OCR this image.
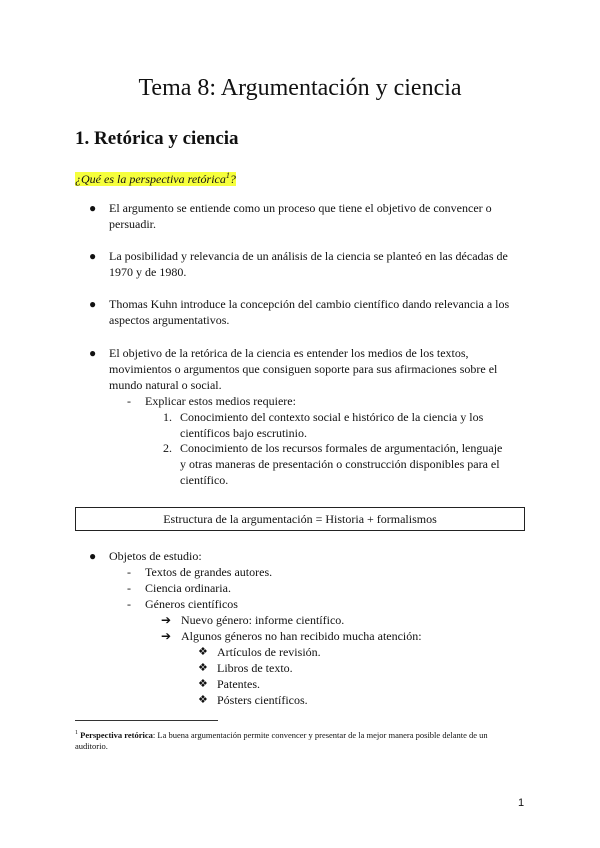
Tema 8: Argumentación y ciencia
1. Retórica y ciencia
¿Qué es la perspectiva retórica$^1$?
● El argumento se entiende como un proceso que tiene el objetivo de convencer o persuadir.
● La posibilidad y relevancia de un análisis de la ciencia se planteó en las décadas de 1970 y de 1980.
● Thomas Kuhn introduce la concepción del cambio científico dando relevancia a los aspectos argumentativos.
● El objetivo de la retórica de la ciencia es entender los medios de los textos, movimientos o argumentos que consiguen soporte para sus afirmaciones sobre el mundo natural o social.
-	Explicar estos medios requiere:
1. Conocimiento del contexto social e histórico de la ciencia y los científicos bajo escrutinio.
2. Conocimiento de los recursos formales de argumentación, lenguaje y otras maneras de presentación o construcción disponibles para el científico.
Estructura de la argumentación = Historia + formalismos
● Objetos de estudio:
-	Textos de grandes autores.
-	Ciencia ordinaria.
-	Géneros científicos
➔ Nuevo género: informe científico.
➔ Algunos géneros no han recibido mucha atención:
❖ Artículos de revisión.
❖ Libros de texto.
❖ Patentes.
❖ Pósters científicos.
$^1$ Perspectiva retórica: La buena argumentación permite convencer y presentar de la mejor manera posible delante de un auditorio.
1
